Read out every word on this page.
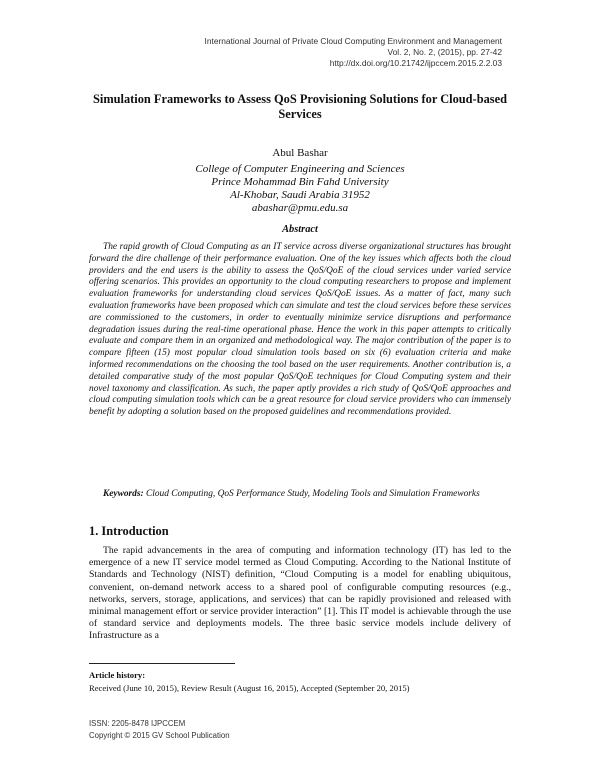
International Journal of Private Cloud Computing Environment and Management
Vol. 2, No. 2, (2015), pp. 27-42
http://dx.doi.org/10.21742/ijpccem.2015.2.2.03
Simulation Frameworks to Assess QoS Provisioning Solutions for Cloud-based Services
Abul Bashar
College of Computer Engineering and Sciences
Prince Mohammad Bin Fahd University
Al-Khobar, Saudi Arabia 31952
abashar@pmu.edu.sa
Abstract

The rapid growth of Cloud Computing as an IT service across diverse organizational structures has brought forward the dire challenge of their performance evaluation. One of the key issues which affects both the cloud providers and the end users is the ability to assess the QoS/QoE of the cloud services under varied service offering scenarios. This provides an opportunity to the cloud computing researchers to propose and implement evaluation frameworks for understanding cloud services QoS/QoE issues. As a matter of fact, many such evaluation frameworks have been proposed which can simulate and test the cloud services before these services are commissioned to the customers, in order to eventually minimize service disruptions and performance degradation issues during the real-time operational phase. Hence the work in this paper attempts to critically evaluate and compare them in an organized and methodological way. The major contribution of the paper is to compare fifteen (15) most popular cloud simulation tools based on six (6) evaluation criteria and make informed recommendations on the choosing the tool based on the user requirements. Another contribution is, a detailed comparative study of the most popular QoS/QoE techniques for Cloud Computing system and their novel taxonomy and classification. As such, the paper aptly provides a rich study of QoS/QoE approaches and cloud computing simulation tools which can be a great resource for cloud service providers who can immensely benefit by adopting a solution based on the proposed guidelines and recommendations provided.

Keywords: Cloud Computing, QoS Performance Study, Modeling Tools and Simulation Frameworks

1. Introduction

The rapid advancements in the area of computing and information technology (IT) has led to the emergence of a new IT service model termed as Cloud Computing. According to the National Institute of Standards and Technology (NIST) definition, “Cloud Computing is a model for enabling ubiquitous, convenient, on-demand network access to a shared pool of configurable computing resources (e.g., networks, servers, storage, applications, and services) that can be rapidly provisioned and released with minimal management effort or service provider interaction” [1]. This IT model is achievable through the use of standard service and deployments models. The three basic service models include delivery of Infrastructure as a

Article history:
Received (June 10, 2015), Review Result (August 16, 2015), Accepted (September 20, 2015)
ISSN: 2205-8478 IJPCCEM
Copyright © 2015 GV School Publication
